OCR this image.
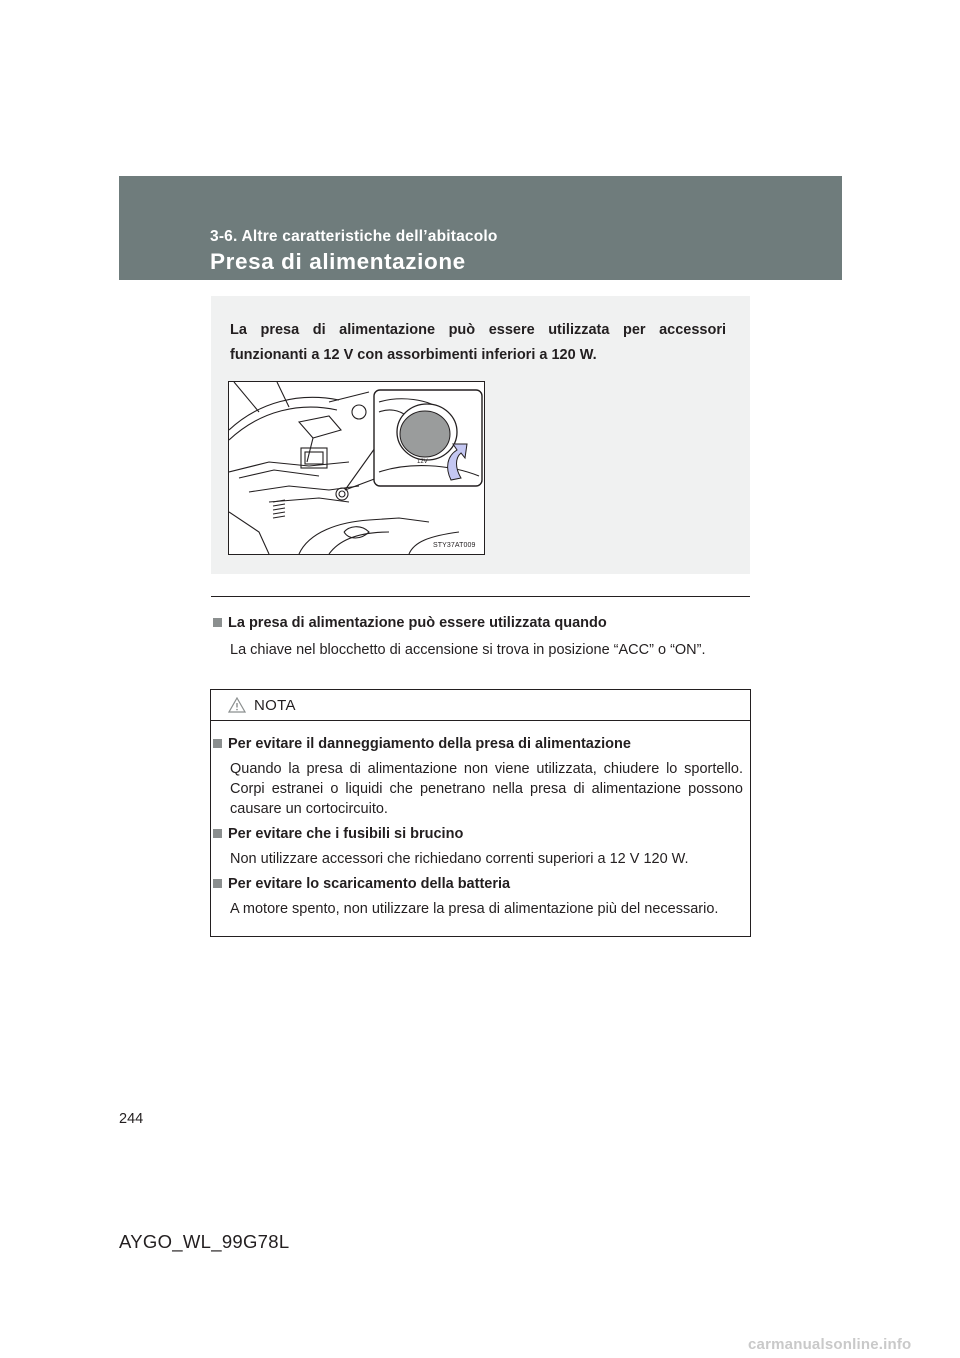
3-6. Altre caratteristiche dell’abitacolo
Presa di alimentazione

La presa di alimentazione può essere utilizzata per accessori funzionanti a 12 V con assorbimenti inferiori a 120 W.

12V
STY37AT009

La presa di alimentazione può essere utilizzata quando

La chiave nel blocchetto di accensione si trova in posizione “ACC” o “ON”.

NOTA

Per evitare il danneggiamento della presa di alimentazione

Quando la presa di alimentazione non viene utilizzata, chiudere lo sportello. Corpi estranei o liquidi che penetrano nella presa di alimentazione possono causare un cortocircuito.

Per evitare che i fusibili si brucino

Non utilizzare accessori che richiedano correnti superiori a 12 V 120 W.

Per evitare lo scaricamento della batteria

A motore spento, non utilizzare la presa di alimentazione più del necessario.

244
AYGO_WL_99G78L
carmanualsonline.info
